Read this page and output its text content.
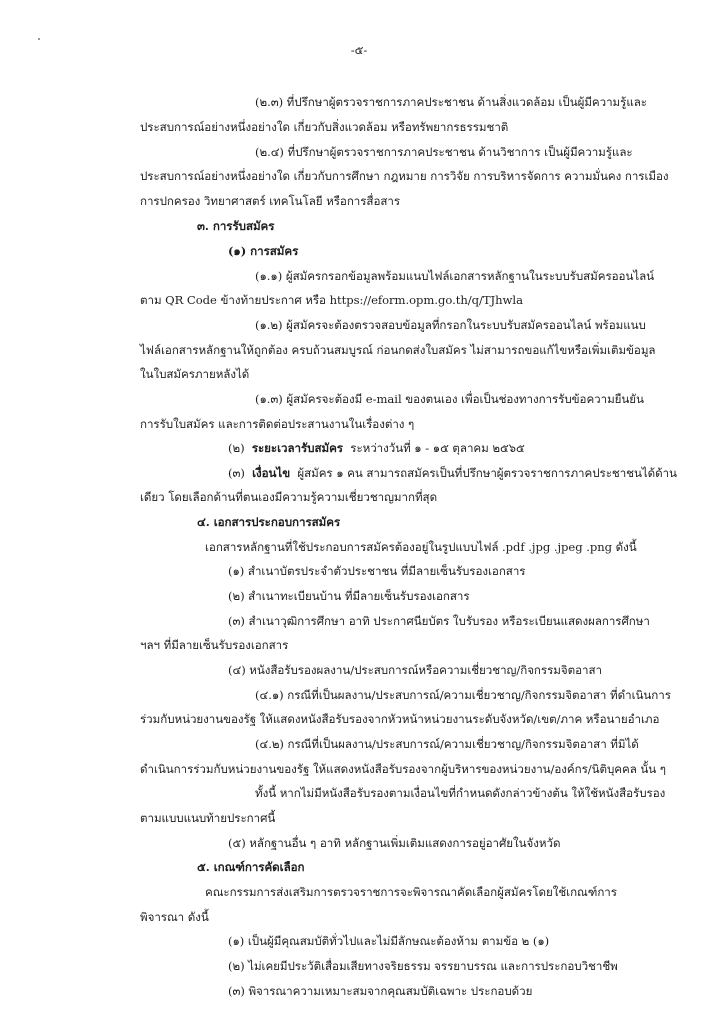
-๕-
(๒.๓) ที่ปรึกษาผู้ตรวจราชการภาคประชาชน ด้านสิ่งแวดล้อม เป็นผู้มีความรู้และ
ประสบการณ์อย่างหนึ่งอย่างใด เกี่ยวกับสิ่งแวดล้อม หรือทรัพยากรธรรมชาติ
(๒.๔) ที่ปรึกษาผู้ตรวจราชการภาคประชาชน ด้านวิชาการ เป็นผู้มีความรู้และ
ประสบการณ์อย่างหนึ่งอย่างใด เกี่ยวกับการศึกษา กฎหมาย การวิจัย การบริหารจัดการ ความมั่นคง การเมือง
การปกครอง วิทยาศาสตร์ เทคโนโลยี หรือการสื่อสาร
๓. การรับสมัคร
(๑) การสมัคร
(๑.๑) ผู้สมัครกรอกข้อมูลพร้อมแนบไฟล์เอกสารหลักฐานในระบบรับสมัครออนไลน์
ตาม QR Code ข้างท้ายประกาศ หรือ https://eform.opm.go.th/q/TJhwla
(๑.๒) ผู้สมัครจะต้องตรวจสอบข้อมูลที่กรอกในระบบรับสมัครออนไลน์ พร้อมแนบ
ไฟล์เอกสารหลักฐานให้ถูกต้อง ครบถ้วนสมบูรณ์ ก่อนกดส่งใบสมัคร ไม่สามารถขอแก้ไขหรือเพิ่มเติมข้อมูล
ในใบสมัครภายหลังได้
(๑.๓) ผู้สมัครจะต้องมี e-mail ของตนเอง เพื่อเป็นช่องทางการรับข้อความยืนยัน
การรับใบสมัคร และการติดต่อประสานงานในเรื่องต่าง ๆ
(๒) ระยะเวลารับสมัคร ระหว่างวันที่ ๑ - ๑๕ ตุลาคม ๒๕๖๕
(๓) เงื่อนไข ผู้สมัคร ๑ คน สามารถสมัครเป็นที่ปรึกษาผู้ตรวจราชการภาคประชาชนได้ด้าน
เดียว โดยเลือกด้านที่ตนเองมีความรู้ความเชี่ยวชาญมากที่สุด
๔. เอกสารประกอบการสมัคร
เอกสารหลักฐานที่ใช้ประกอบการสมัครต้องอยู่ในรูปแบบไฟล์ .pdf .jpg .jpeg .png ดังนี้
(๑) สำเนาบัตรประจำตัวประชาชน ที่มีลายเซ็นรับรองเอกสาร
(๒) สำเนาทะเบียนบ้าน ที่มีลายเซ็นรับรองเอกสาร
(๓) สำเนาวุฒิการศึกษา อาทิ ประกาศนียบัตร ใบรับรอง หรือระเบียนแสดงผลการศึกษา
ฯลฯ ที่มีลายเซ็นรับรองเอกสาร
(๔) หนังสือรับรองผลงาน/ประสบการณ์หรือความเชี่ยวชาญ/กิจกรรมจิตอาสา
(๔.๑) กรณีที่เป็นผลงาน/ประสบการณ์/ความเชี่ยวชาญ/กิจกรรมจิตอาสา ที่ดำเนินการ
ร่วมกับหน่วยงานของรัฐ ให้แสดงหนังสือรับรองจากหัวหน้าหน่วยงานระดับจังหวัด/เขต/ภาค หรือนายอำเภอ
(๔.๒) กรณีที่เป็นผลงาน/ประสบการณ์/ความเชี่ยวชาญ/กิจกรรมจิตอาสา ที่มิได้
ดำเนินการร่วมกับหน่วยงานของรัฐ ให้แสดงหนังสือรับรองจากผู้บริหารของหน่วยงาน/องค์กร/นิติบุคคล นั้น ๆ
ทั้งนี้ หากไม่มีหนังสือรับรองตามเงื่อนไขที่กำหนดดังกล่าวข้างต้น ให้ใช้หนังสือรับรอง
ตามแบบแนบท้ายประกาศนี้
(๕) หลักฐานอื่น ๆ อาทิ หลักฐานเพิ่มเติมแสดงการอยู่อาศัยในจังหวัด
๕. เกณฑ์การคัดเลือก
คณะกรรมการส่งเสริมการตรวจราชการจะพิจารณาคัดเลือกผู้สมัครโดยใช้เกณฑ์การ
พิจารณา ดังนี้
(๑) เป็นผู้มีคุณสมบัติทั่วไปและไม่มีลักษณะต้องห้าม ตามข้อ ๒ (๑)
(๒) ไม่เคยมีประวัติเสื่อมเสียทางจริยธรรม จรรยาบรรณ และการประกอบวิชาชีพ
(๓) พิจารณาความเหมาะสมจากคุณสมบัติเฉพาะ ประกอบด้วย
